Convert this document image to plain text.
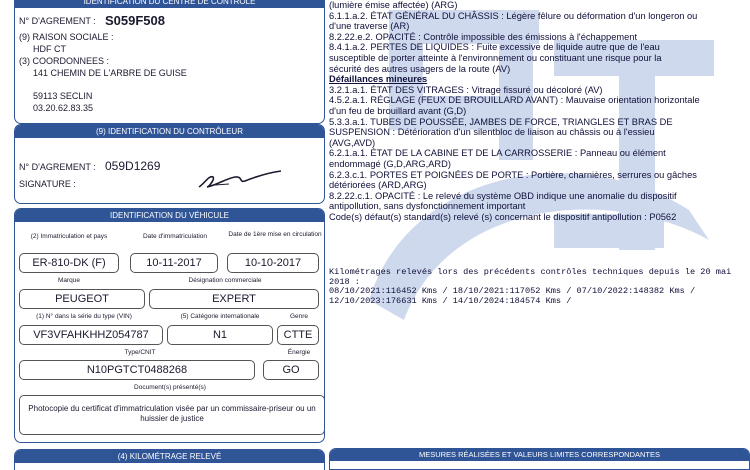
IDENTIFICATION DU CENTRE DE CONTROLE
N° D'AGREMENT : S059F508
(9) RAISON SOCIALE :
HDF CT
(3) COORDONNEES :
141 CHEMIN DE L'ARBRE DE GUISE
59113 SECLIN
03.20.62.83.35
(9) IDENTIFICATION DU CONTRÔLEUR
N° D'AGREMENT : 059D1269
SIGNATURE :
IDENTIFICATION DU VÉHICULE
(2) Immatriculation et pays	Date d'immatriculation	Date de 1ère mise en circulation
ER-810-DK (F)	10-11-2017	10-10-2017
Marque	Désignation commerciale
PEUGEOT	EXPERT
(1) N° dans la série du type (VIN)	(5) Catégorie internationale	Genre
VF3VFAHKHHZ054787	N1	CTTE
Type/CNIT	Énergie
N10PGTCT0488268	GO
Document(s) présenté(s)
Photocopie du certificat d'immatriculation visée par un commissaire-priseur ou un huissier de justice
(4) KILOMÉTRAGE RELEVÉ
(lumière émise affectée) (ARG)
6.1.1.a.2. ÉTAT GÉNÉRAL DU CHÂSSIS : Légère fêlure ou déformation d'un longeron ou
d'une traverse (AR)
8.2.22.e.2. OPACITÉ : Contrôle impossible des émissions à l'échappement
8.4.1.a.2. PERTES DE LIQUIDES : Fuite excessive de liquide autre que de l'eau
susceptible de porter atteinte à l'environnement ou constituant une risque pour la
sécurité des autres usagers de la route (AV)
Défaillances mineures
3.2.1.a.1. ÉTAT DES VITRAGES : Vitrage fissuré ou décoloré (AV)
4.5.2.a.1. RÉGLAGE (FEUX DE BROUILLARD AVANT) : Mauvaise orientation horizontale
d'un feu de brouillard avant (G,D)
5.3.3.a.1. TUBES DE POUSSÉE, JAMBES DE FORCE, TRIANGLES ET BRAS DE
SUSPENSION : Détérioration d'un silentbloc de liaison au châssis ou à l'essieu
(AVG,AVD)
6.2.1.a.1. ÉTAT DE LA CABINE ET DE LA CARROSSERIE : Panneau ou élément
endommagé (G,D,ARG,ARD)
6.2.3.c.1. PORTES ET POIGNÉES DE PORTE : Portière, charnières, serrures ou gâches
détériorées (ARD,ARG)
8.2.22.c.1. OPACITÉ : Le relevé du système OBD indique une anomalie du dispositif
antipollution, sans dysfonctionnement important
Code(s) défaut(s) standard(s) relevé (s) concernant le dispositif antipollution : P0562
Kilométrages relevés lors des précédents contrôles techniques depuis le 20 mai 2018 :
08/10/2021:116452 Kms / 18/10/2021:117052 Kms / 07/10/2022:148382 Kms /
12/10/2023:176631 Kms / 14/10/2024:184574 Kms /
MESURES RÉALISÉES ET VALEURS LIMITES CORRESPONDANTES
